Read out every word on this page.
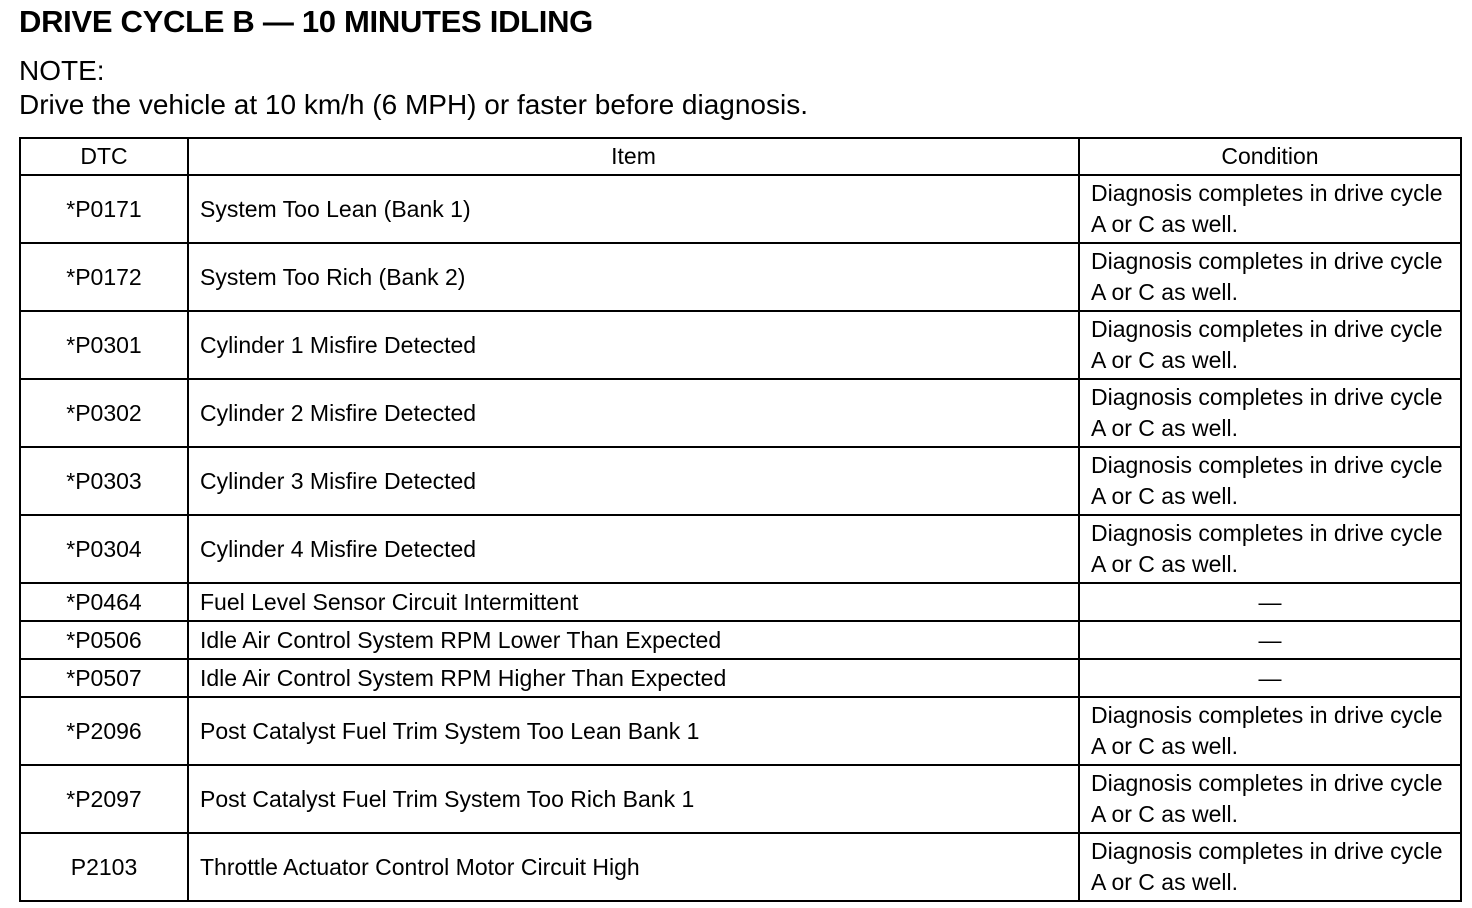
DRIVE CYCLE B — 10 MINUTES IDLING
NOTE:
Drive the vehicle at 10 km/h (6 MPH) or faster before diagnosis.
DTC	Item	Condition
*P0171	System Too Lean (Bank 1)	Diagnosis completes in drive cycle A or C as well.
*P0172	System Too Rich (Bank 2)	Diagnosis completes in drive cycle A or C as well.
*P0301	Cylinder 1 Misfire Detected	Diagnosis completes in drive cycle A or C as well.
*P0302	Cylinder 2 Misfire Detected	Diagnosis completes in drive cycle A or C as well.
*P0303	Cylinder 3 Misfire Detected	Diagnosis completes in drive cycle A or C as well.
*P0304	Cylinder 4 Misfire Detected	Diagnosis completes in drive cycle A or C as well.
*P0464	Fuel Level Sensor Circuit Intermittent	—
*P0506	Idle Air Control System RPM Lower Than Expected	—
*P0507	Idle Air Control System RPM Higher Than Expected	—
*P2096	Post Catalyst Fuel Trim System Too Lean Bank 1	Diagnosis completes in drive cycle A or C as well.
*P2097	Post Catalyst Fuel Trim System Too Rich Bank 1	Diagnosis completes in drive cycle A or C as well.
P2103	Throttle Actuator Control Motor Circuit High	Diagnosis completes in drive cycle A or C as well.
